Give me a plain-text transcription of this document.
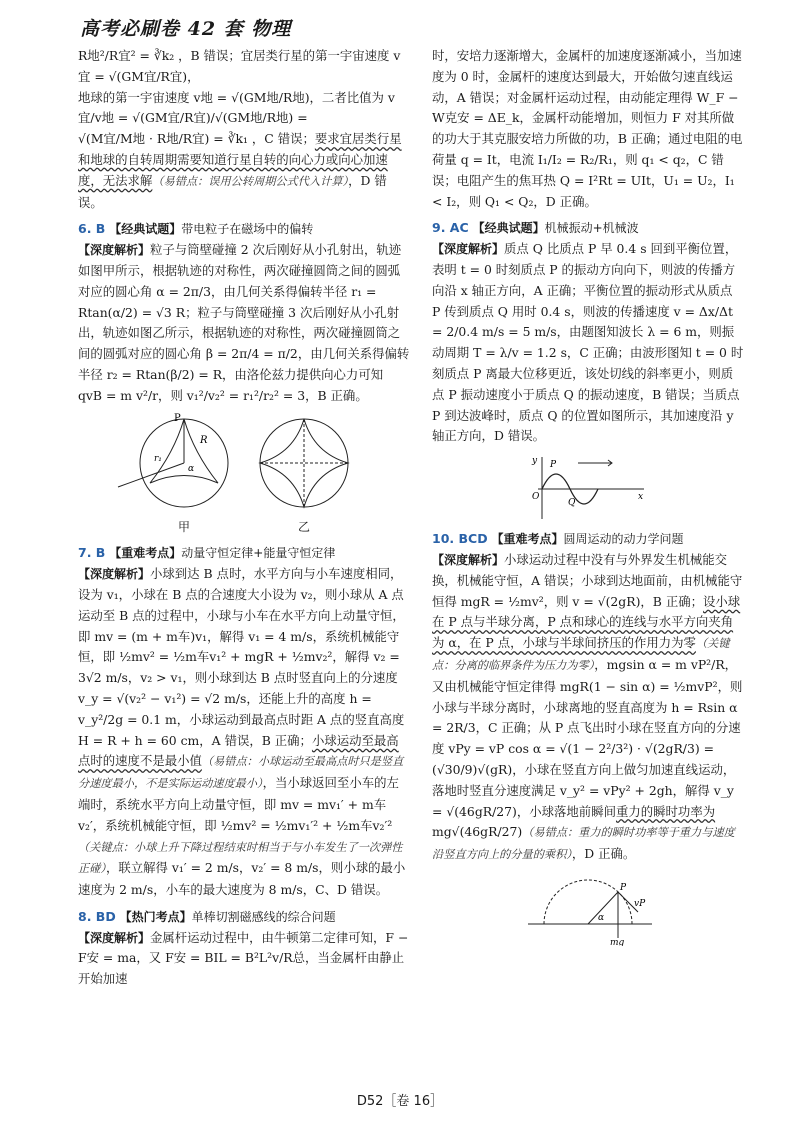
高考必刷卷 42 套 物理

R地²/R宜² = ∛k₂ ，B 错误；宜居类行星的第一宇宙速度 v宜 = √(GM宜/R宜)，

地球的第一宇宙速度 v地 = √(GM地/R地)，二者比值为 v宜/v地 = √(GM宜/R宜)/√(GM地/R地) =

√(M宜/M地 · R地/R宜) = ∛k₁ ，C 错误；要求宜居类行星和地球的自转周期需要知道行星自转的向心力或向心加速度，无法求解（易错点：误用公转周期公式代入计算），D 错误。

6. B 【经典试题】带电粒子在磁场中的偏转

【深度解析】粒子与筒壁碰撞 2 次后刚好从小孔射出，轨迹如图甲所示，根据轨迹的对称性，两次碰撞圆筒之间的圆弧对应的圆心角 α = 2π/3，由几何关系得偏转半径 r₁ = Rtan(α/2) = √3 R；粒子与筒壁碰撞 3 次后刚好从小孔射出，轨迹如图乙所示，根据轨迹的对称性，两次碰撞圆筒之间的圆弧对应的圆心角 β = 2π/4 = π/2，由几何关系得偏转半径 r₂ = Rtan(β/2) = R，由洛伦兹力提供向心力可知 qvB = m v²/r，则 v₁²/v₂² = r₁²/r₂² = 3，B 正确。

P
R
r₁
α
甲	乙

7. B 【重难考点】动量守恒定律+能量守恒定律

【深度解析】小球到达 B 点时，水平方向与小车速度相同，设为 v₁，小球在 B 点的合速度大小设为 v₂，则小球从 A 点运动至 B 点的过程中，小球与小车在水平方向上动量守恒，即 mv = (m + m车)v₁，解得 v₁ = 4 m/s，系统机械能守恒，即 ½mv² = ½m车v₁² + mgR + ½mv₂²，解得 v₂ = 3√2 m/s，v₂ > v₁，则小球到达 B 点时竖直向上的分速度 v_y = √(v₂² − v₁²) = √2 m/s，还能上升的高度 h = v_y²/2g = 0.1 m，小球运动到最高点时距 A 点的竖直高度 H = R + h = 60 cm，A 错误，B 正确；小球运动至最高点时的速度不是最小值（易错点：小球运动至最高点时只是竖直分速度最小，不是实际运动速度最小），当小球返回至小车的左端时，系统水平方向上动量守恒，即 mv = mv₁′ + m车v₂′，系统机械能守恒，即 ½mv² = ½mv₁′² + ½m车v₂′²（关键点：小球上升下降过程结束时相当于与小车发生了一次弹性正碰），联立解得 v₁′ = 2 m/s，v₂′ = 8 m/s，则小球的最小速度为 2 m/s，小车的最大速度为 8 m/s，C、D 错误。

8. BD 【热门考点】单棒切割磁感线的综合问题

【深度解析】金属杆运动过程中，由牛顿第二定律可知，F − F安 = ma，又 F安 = BIL = B²L²v/R总，当金属杆由静止开始加速

时，安培力逐渐增大，金属杆的加速度逐渐减小，当加速度为 0 时，金属杆的速度达到最大，开始做匀速直线运动，A 错误；对金属杆运动过程，由动能定理得 W_F − W克安 = ΔE_k，金属杆动能增加，则恒力 F 对其所做的功大于其克服安培力所做的功，B 正确；通过电阻的电荷量 q = It，电流 I₁/I₂ = R₂/R₁，则 q₁ < q₂，C 错误；电阻产生的焦耳热 Q = I²Rt = UIt，U₁ = U₂，I₁ < I₂，则 Q₁ < Q₂，D 正确。

9. AC 【经典试题】机械振动+机械波

【深度解析】质点 Q 比质点 P 早 0.4 s 回到平衡位置，表明 t = 0 时刻质点 P 的振动方向向下，则波的传播方向沿 x 轴正方向，A 正确；平衡位置的振动形式从质点 P 传到质点 Q 用时 0.4 s，则波的传播速度 v = Δx/Δt = 2/0.4 m/s = 5 m/s，由题图知波长 λ = 6 m，则振动周期 T = λ/v = 1.2 s，C 正确；由波形图知 t = 0 时刻质点 P 离最大位移更近，该处切线的斜率更小，则质点 P 振动速度小于质点 Q 的振动速度，B 错误；当质点 P 到达波峰时，质点 Q 的位置如图所示，其加速度沿 y 轴正方向，D 错误。

y
x
O
P
Q

10. BCD 【重难考点】圆周运动的动力学问题

【深度解析】小球运动过程中没有与外界发生机械能交换，机械能守恒，A 错误；小球到达地面前，由机械能守恒得 mgR = ½mv²，则 v = √(2gR)，B 正确；设小球在 P 点与半球分离，P 点和球心的连线与水平方向夹角为 α，在 P 点，小球与半球间挤压的作用力为零（关键点：分离的临界条件为压力为零），mgsin α = m vP²/R，又由机械能守恒定律得 mgR(1 − sin α) = ½mvP²，则小球与半球分离时，小球离地的竖直高度为 h = Rsin α = 2R/3，C 正确；从 P 点飞出时小球在竖直方向的分速度 vPy = vP cos α = √(1 − 2²/3²) · √(2gR/3) = (√30/9)√(gR)，小球在竖直方向上做匀加速直线运动，落地时竖直分速度满足 v_y² = vPy² + 2gh，解得 v_y = √(46gR/27)，小球落地前瞬间重力的瞬时功率为 mg√(46gR/27)（易错点：重力的瞬时功率等于重力与速度沿竖直方向上的分量的乘积），D 正确。

P
vP
mg
α
D52［卷 16］
